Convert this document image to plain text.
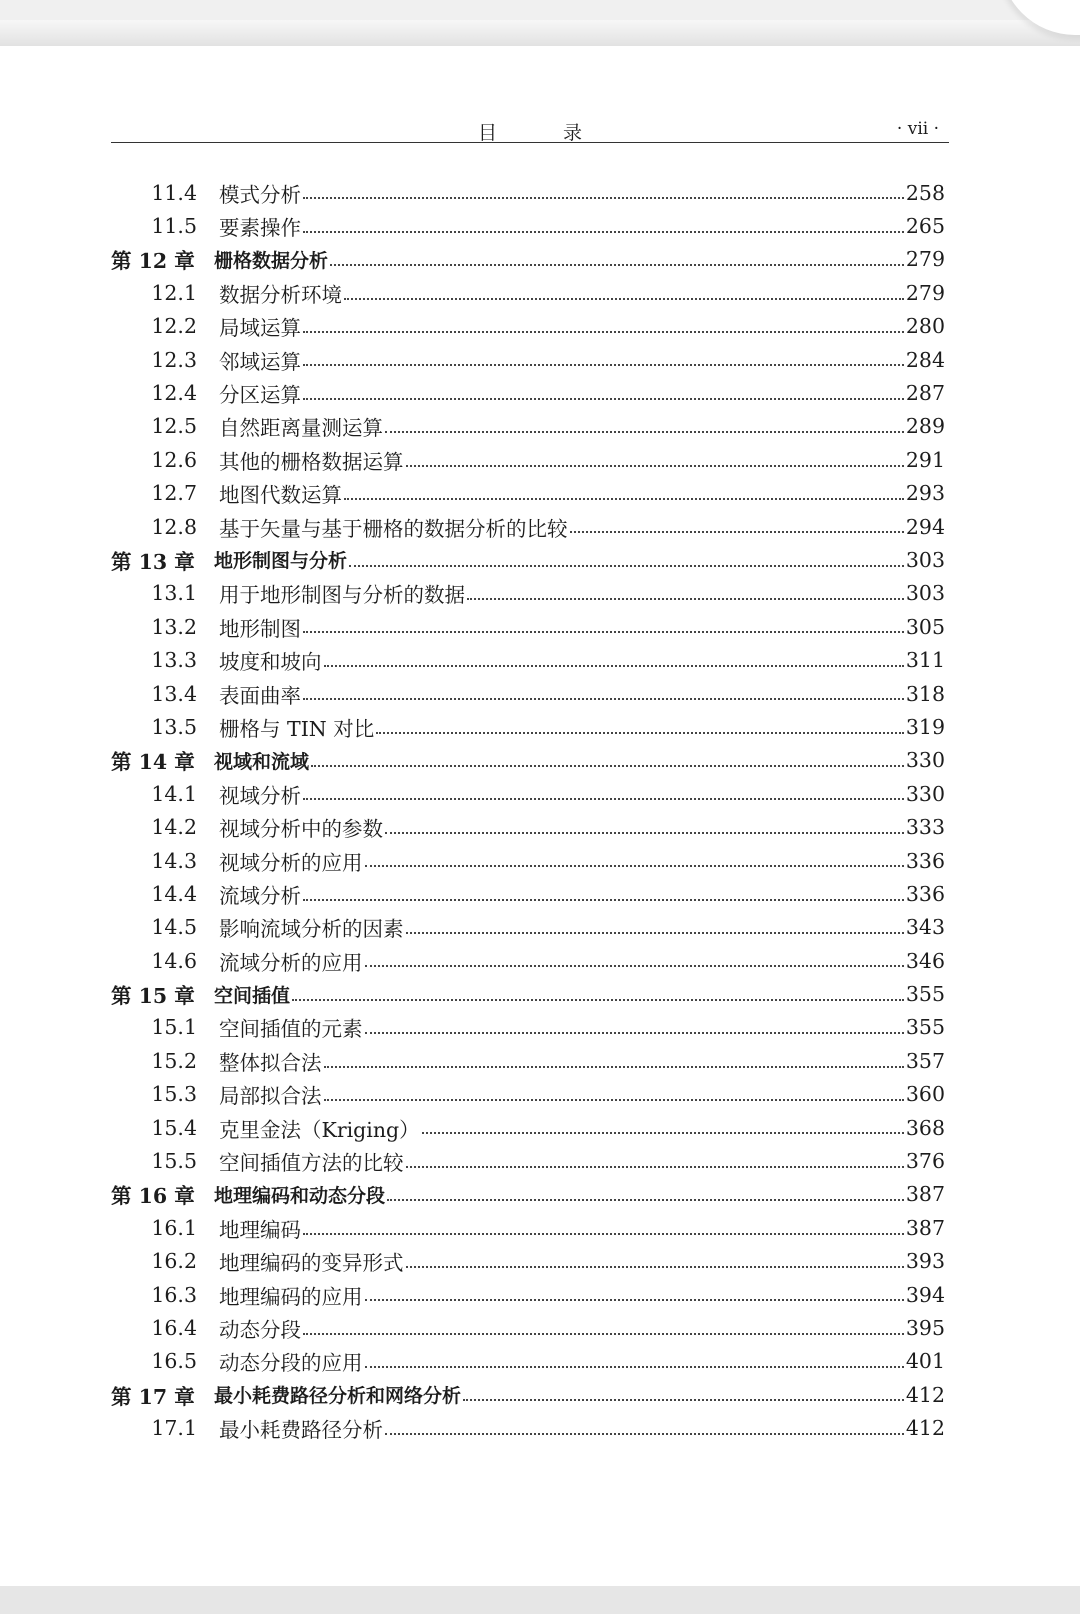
目 录	· vii ·
11.4	模式分析	258
11.5	要素操作	265
第 12 章	栅格数据分析	279
12.1	数据分析环境	279
12.2	局域运算	280
12.3	邻域运算	284
12.4	分区运算	287
12.5	自然距离量测运算	289
12.6	其他的栅格数据运算	291
12.7	地图代数运算	293
12.8	基于矢量与基于栅格的数据分析的比较	294
第 13 章	地形制图与分析	303
13.1	用于地形制图与分析的数据	303
13.2	地形制图	305
13.3	坡度和坡向	311
13.4	表面曲率	318
13.5	栅格与 TIN 对比	319
第 14 章	视域和流域	330
14.1	视域分析	330
14.2	视域分析中的参数	333
14.3	视域分析的应用	336
14.4	流域分析	336
14.5	影响流域分析的因素	343
14.6	流域分析的应用	346
第 15 章	空间插值	355
15.1	空间插值的元素	355
15.2	整体拟合法	357
15.3	局部拟合法	360
15.4	克里金法（Kriging）	368
15.5	空间插值方法的比较	376
第 16 章	地理编码和动态分段	387
16.1	地理编码	387
16.2	地理编码的变异形式	393
16.3	地理编码的应用	394
16.4	动态分段	395
16.5	动态分段的应用	401
第 17 章	最小耗费路径分析和网络分析	412
17.1	最小耗费路径分析	412
